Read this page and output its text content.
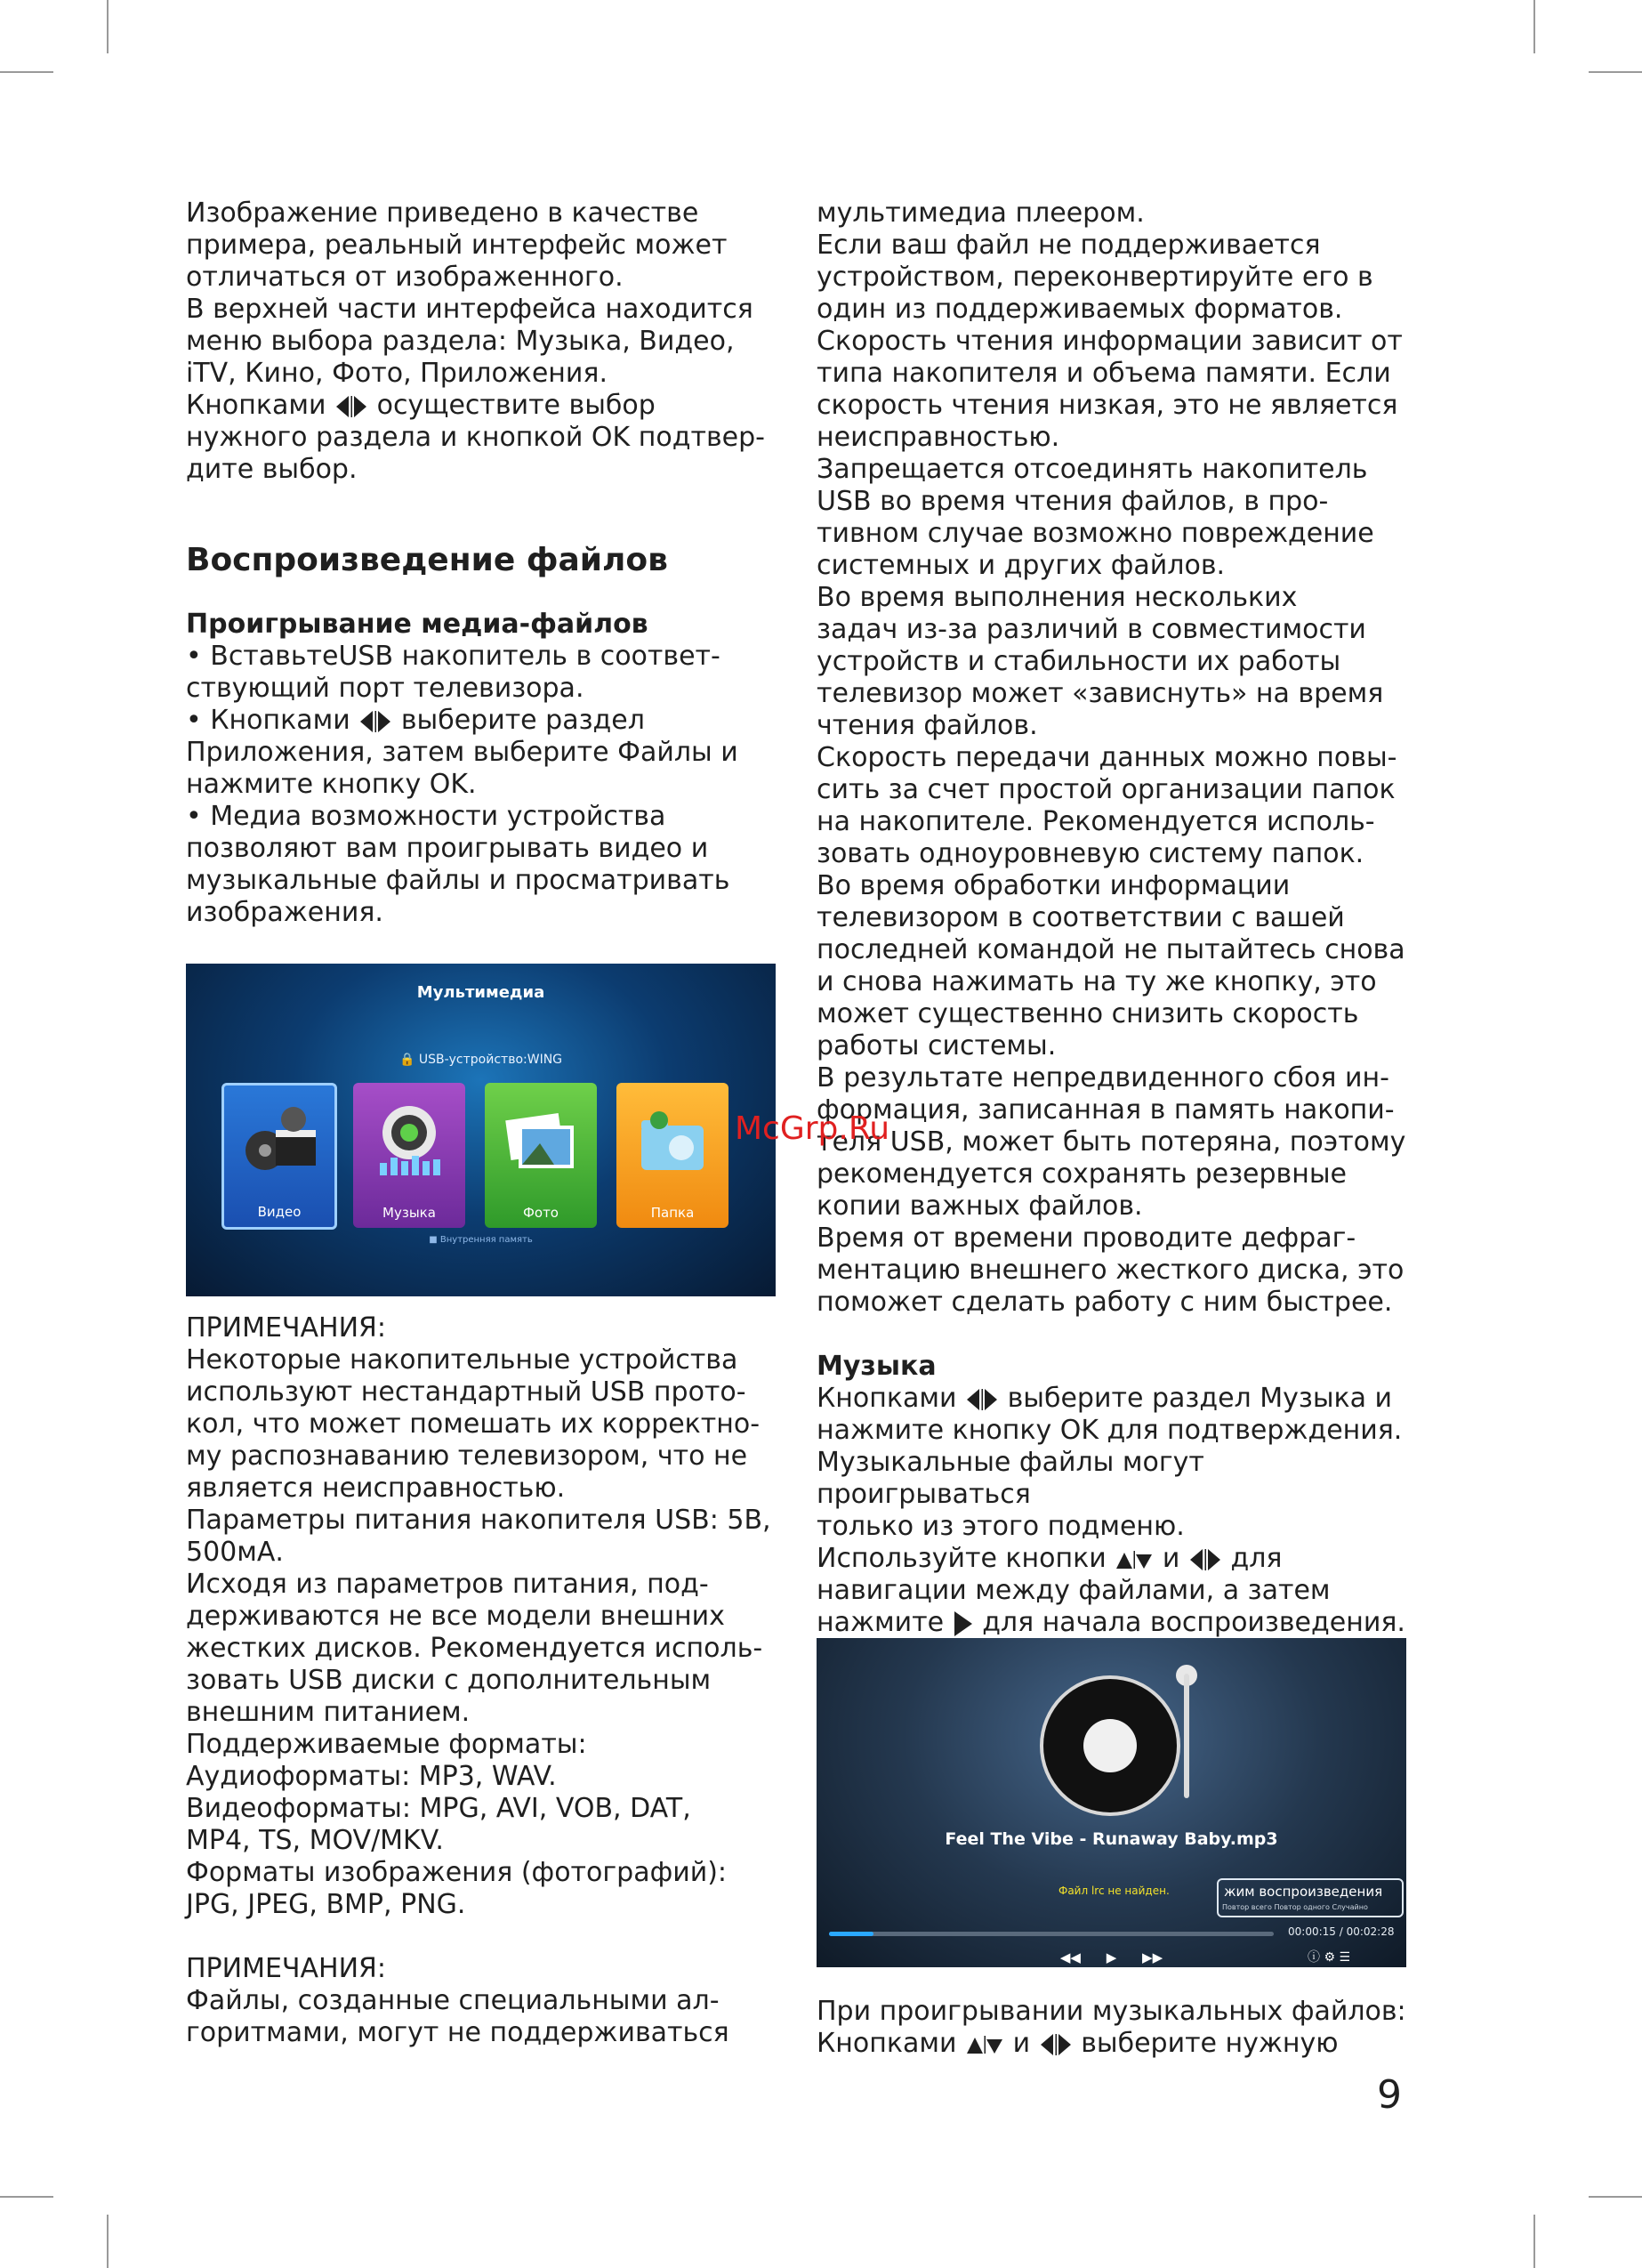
Изображение приведено в качестве

примера, реальный интерфейс может

отличаться от изображенного.

В верхней части интерфейса находится

меню выбора раздела: Музыка, Видео,

iTV, Кино, Фото, Приложения.

Кнопками осуществите выбор

нужного раздела и кнопкой OK подтвер-

дите выбор.

Воспроизведение файлов

Проигрывание медиа-файлов

• ВставьтеUSB накопитель в соответ-

ствующий порт телевизора.

• Кнопками выберите раздел

Приложения, затем выберите Файлы и

нажмите кнопку OK.

• Медиа возможности устройства

позволяют вам проигрывать видео и

музыкальные файлы и просматривать

изображения.

Мультимедиа
🔒 USB-устройство:WING
Видео	Музыка	Фото	Папка
■ Внутренняя память

ПРИМЕЧАНИЯ:

Некоторые накопительные устройства

используют нестандартный USB прото-

кол, что может помешать их корректно-

му распознаванию телевизором, что не

является неисправностью.

Параметры питания накопителя USB: 5В,

500мА.

Исходя из параметров питания, под-

держиваются не все модели внешних

жестких дисков. Рекомендуется исполь-

зовать USB диски с дополнительным

внешним питанием.

Поддерживаемые форматы:

Аудиоформаты: MP3, WAV.

Видеоформаты: MPG, AVI, VOB, DAT,

MP4, TS, MOV/MKV.

Форматы изображения (фотографий):

JPG, JPEG, BMP, PNG.

ПРИМЕЧАНИЯ:

Файлы, созданные специальными ал-

горитмами, могут не поддерживаться

мультимедиа плеером.

Если ваш файл не поддерживается

устройством, переконвертируйте его в

один из поддерживаемых форматов.

Скорость чтения информации зависит от

типа накопителя и объема памяти. Если

скорость чтения низкая, это не является

неисправностью.

Запрещается отсоединять накопитель

USB во время чтения файлов, в про-

тивном случае возможно повреждение

системных и других файлов.

Во время выполнения нескольких

задач из-за различий в совместимости

устройств и стабильности их работы

телевизор может «зависнуть» на время

чтения файлов.

Скорость передачи данных можно повы-

сить за счет простой организации папок

на накопителе. Рекомендуется исполь-

зовать одноуровневую систему папок.

Во время обработки информации

телевизором в соответствии с вашей

последней командой не пытайтесь снова

и снова нажимать на ту же кнопку, это

может существенно снизить скорость

работы системы.

В результате непредвиденного сбоя ин-

формация, записанная в память накопи-

теля USB, может быть потеряна, поэтому

рекомендуется сохранять резервные

копии важных файлов.

Время от времени проводите дефраг-

ментацию внешнего жесткого диска, это

поможет сделать работу с ним быстрее.

Музыка

Кнопками выберите раздел Музыка и

нажмите кнопку OK для подтверждения.

Музыкальные файлы могут проигрываться

только из этого подменю.

Используйте кнопки и для

навигации между файлами, а затем

нажмите для начала воспроизведения.

Feel The Vibe - Runaway Baby.mp3
Файл lrc не найден.	жим воспроизведения
Повтор всего Повтор одного Случайно
00:00:15 / 00:02:28
◀◀ ▶ ▶▶	ⓘ ⚙ ☰

При проигрывании музыкальных файлов:

Кнопками и выберите нужную

McGrp.Ru
9
